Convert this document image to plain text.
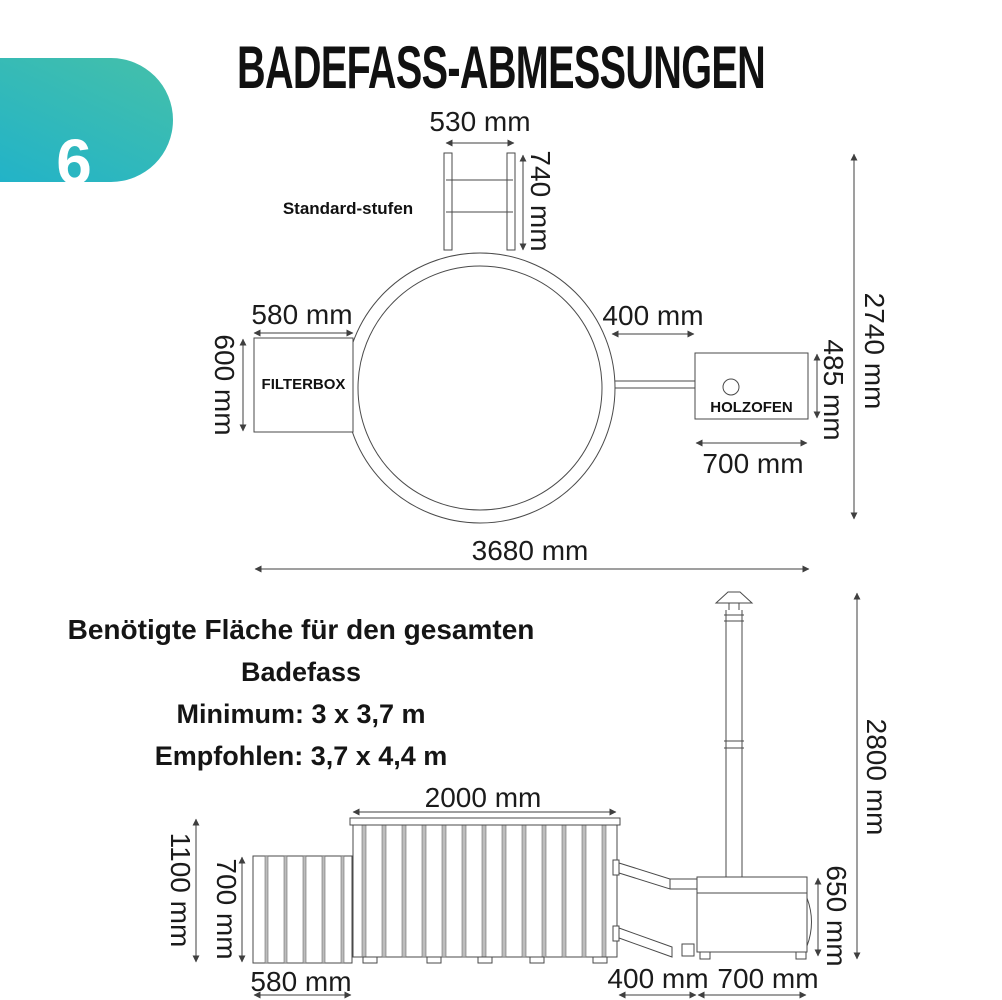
6
Personen
BADEFASS-ABMESSUNGEN
Standard-stufen
FILTERBOX
HOLZOFEN
530 mm
740 mm
580 mm
600 mm
400 mm
485 mm
700 mm
3680 mm
2740 mm
Benötigte Fläche für den gesamten
Badefass
Minimum: 3 x 3,7 m
Empfohlen: 3,7 x 4,4 m
2000 mm
1100 mm 700 mm
580 mm	400 mm 700 mm
650 mm
2800 mm
